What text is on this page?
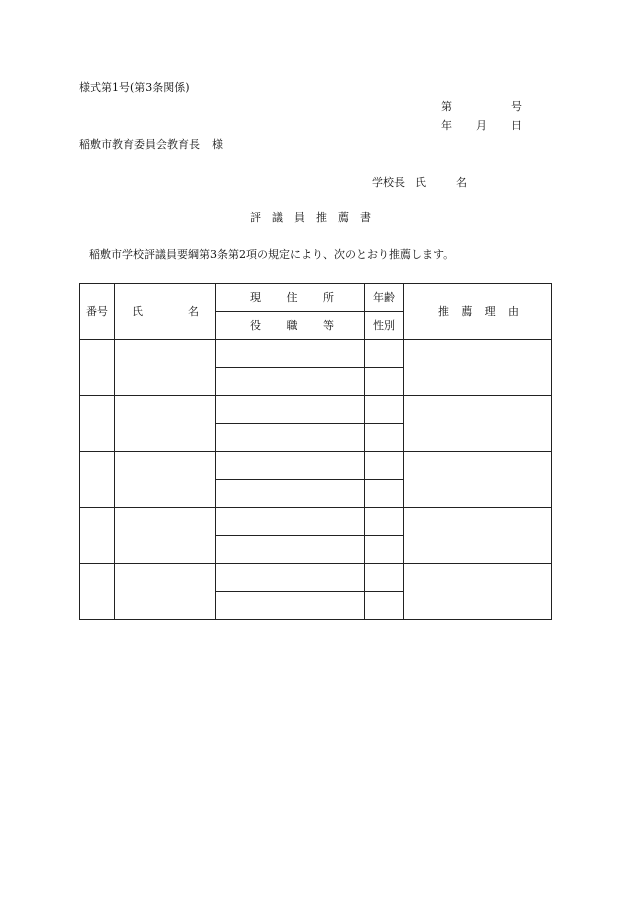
様式第1号(第3条関係)
第	号
年 月 日
稲敷市教育委員会教育長 様
学校長 氏	名
評議員推薦書
稲敷市学校評議員要綱第3条第2項の規定により、次のとおり推薦します。
番号	氏 名	現 住 所	年齢	推 薦 理 由

		役 職 等	性別	
